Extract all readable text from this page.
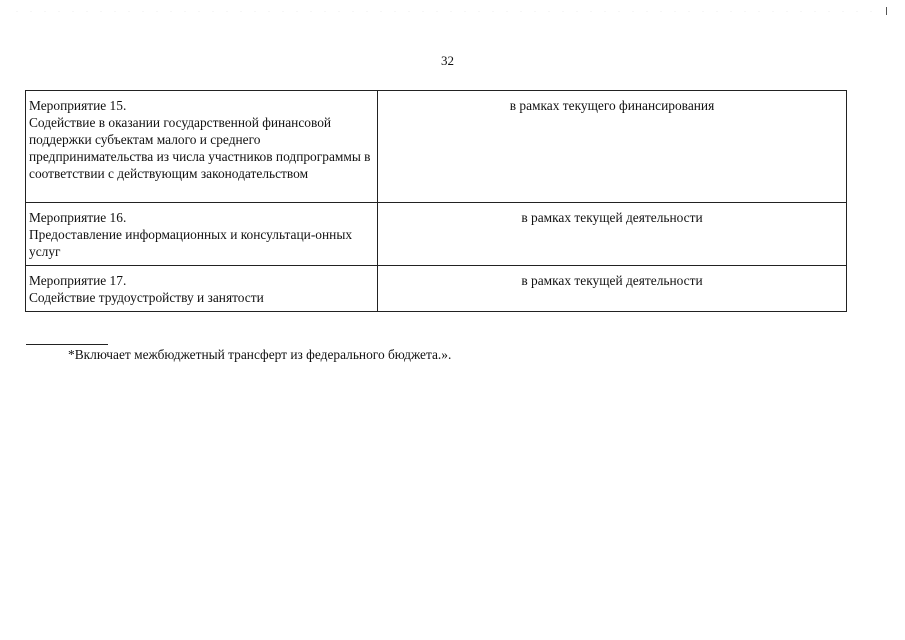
32
Мероприятие 15.
Содействие в оказании государственной финансовой поддержки субъектам малого и среднего предпринимательства из числа участников подпрограммы в соответствии с действующим законодательством	в рамках текущего финансирования

Мероприятие 16.
Предоставление информационных и консультаци-онных услуг	в рамках текущей деятельности

Мероприятие 17.
Содействие трудоустройству и занятости	в рамках текущей деятельности
*Включает межбюджетный трансферт из федерального бюджета.».
